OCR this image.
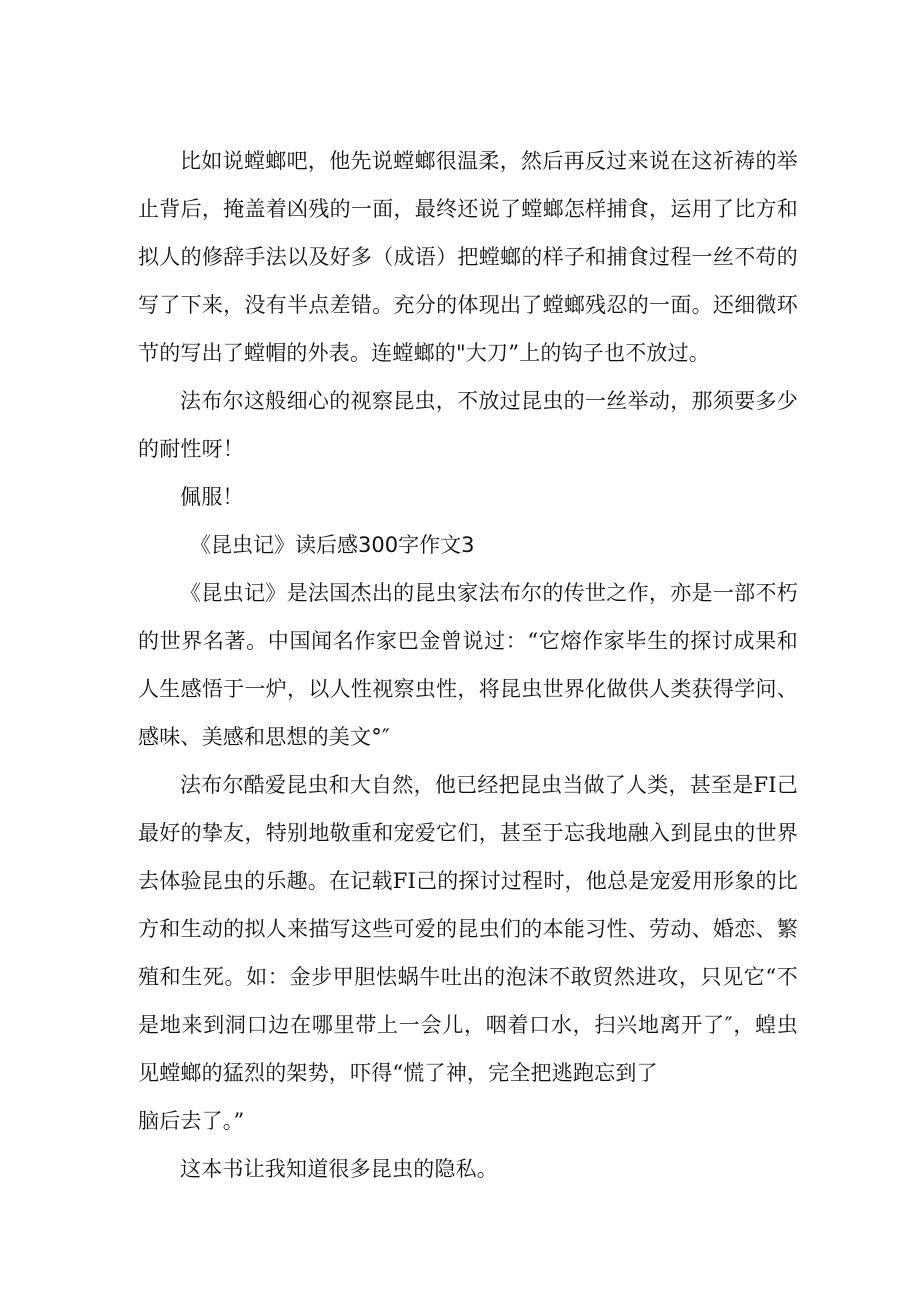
比如说螳螂吧，他先说螳螂很温柔，然后再反过来说在这祈祷的举止背后，掩盖着凶残的一面，最终还说了螳螂怎样捕食，运用了比方和拟人的修辞手法以及好多（成语）把螳螂的样子和捕食过程一丝不苟的写了下来，没有半点差错。充分的体现出了螳螂残忍的一面。还细微环节的写出了螳帽的外表。连螳螂的"大刀”上的钩子也不放过。

法布尔这般细心的视察昆虫，不放过昆虫的一丝举动，那须要多少的耐性呀！

佩服！

《昆虫记》读后感300字作文3

《昆虫记》是法国杰出的昆虫家法布尔的传世之作，亦是一部不朽的世界名著。中国闻名作家巴金曾说过：“它熔作家毕生的探讨成果和人生感悟于一炉，以人性视察虫性，将昆虫世界化做供人类获得学问、感味、美感和思想的美文°″

法布尔酷爱昆虫和大自然，他已经把昆虫当做了人类，甚至是FI己最好的挚友，特别地敬重和宠爱它们，甚至于忘我地融入到昆虫的世界去体验昆虫的乐趣。在记载FI己的探讨过程时，他总是宠爱用形象的比方和生动的拟人来描写这些可爱的昆虫们的本能习性、劳动、婚恋、繁殖和生死。如：金步甲胆怯蜗牛吐出的泡沫不敢贸然进攻，只见它“不是地来到洞口边在哪里带上一会儿，咽着口水，扫兴地离开了″，蝗虫见螳螂的猛烈的架势，吓得“慌了神，完全把逃跑忘到了

脑后去了。”

这本书让我知道很多昆虫的隐私。
